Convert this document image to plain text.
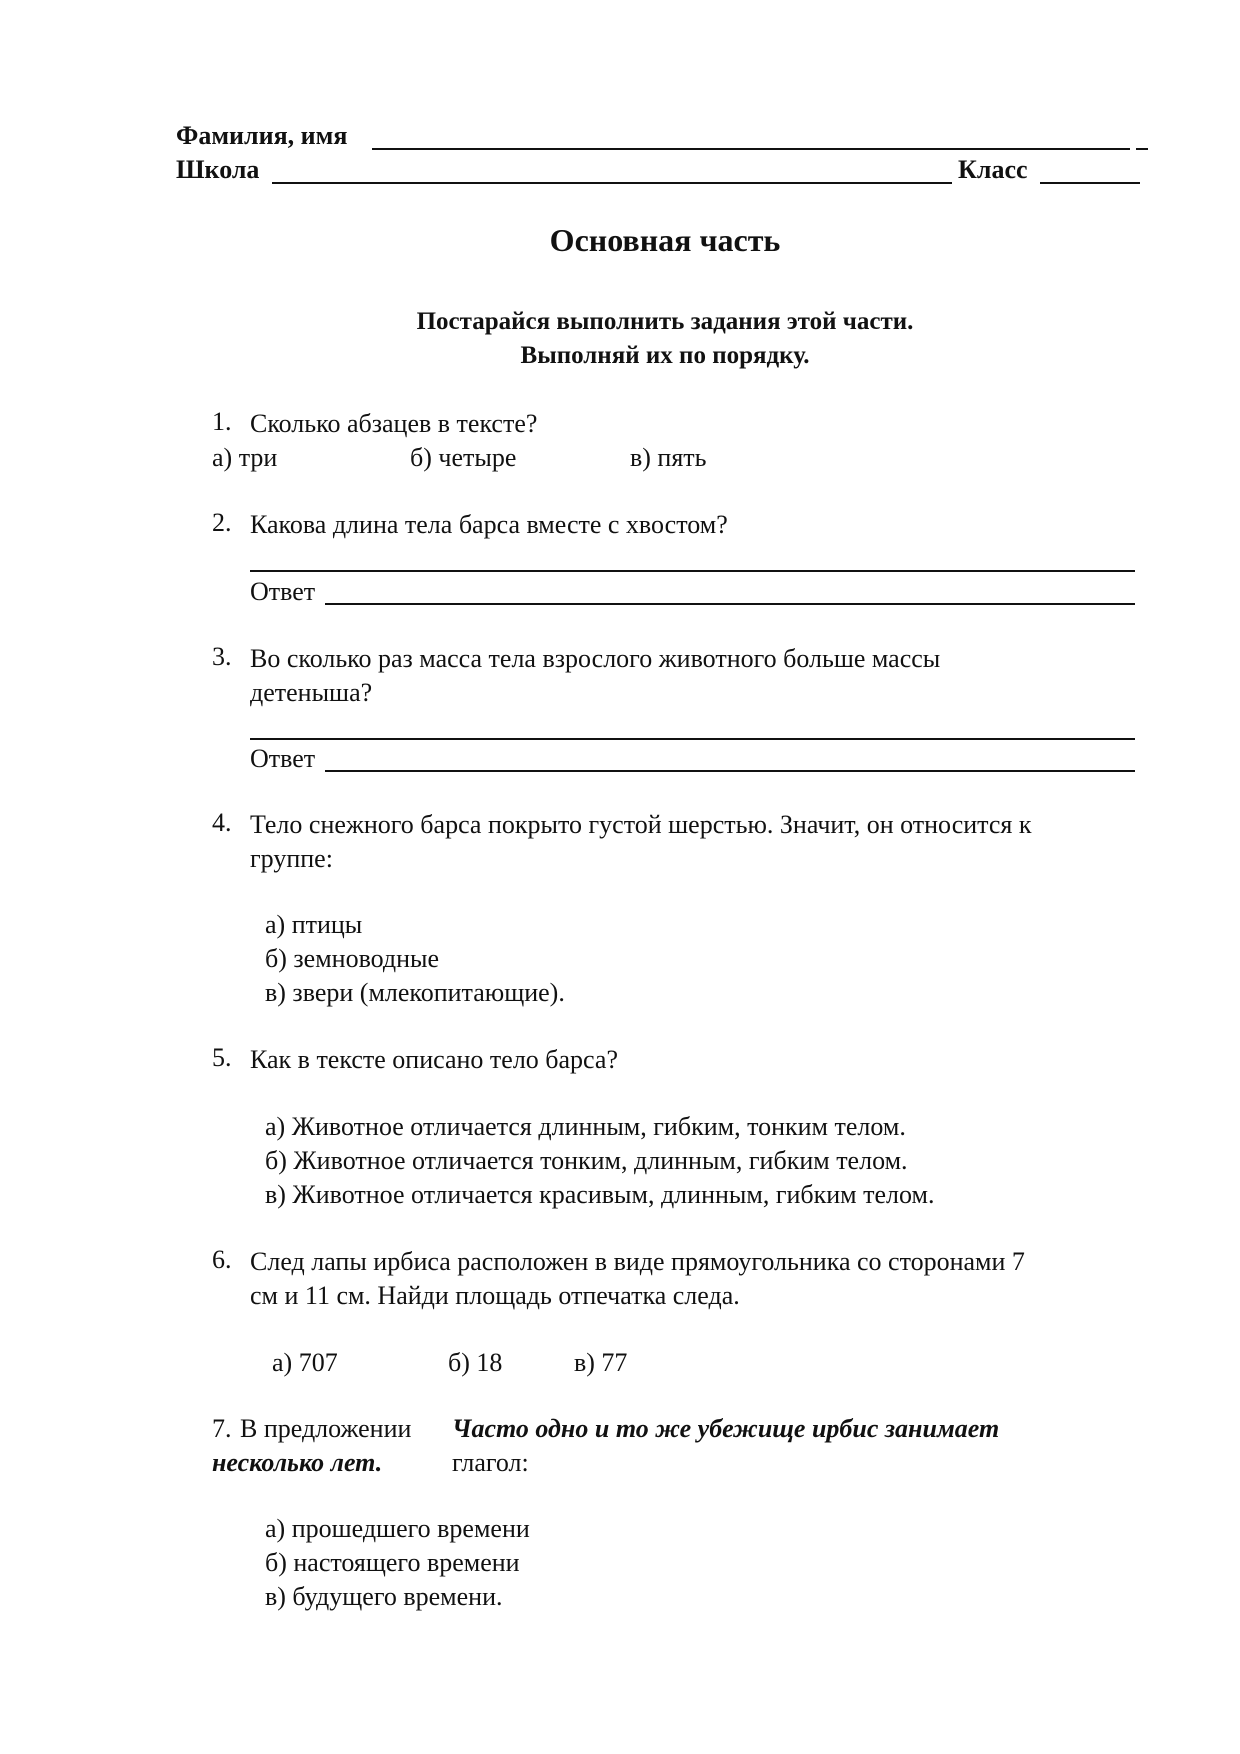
Фамилия, имя
Школа	Класс
Основная часть
Постарайся выполнить задания этой части.
Выполняй их по порядку.
1. Сколько абзацев в тексте?
а) три	б) четыре	в) пять
2. Какова длина тела барса вместе с хвостом?
Ответ
3. Во сколько раз масса тела взрослого животного больше массы
детеныша?
Ответ
4. Тело снежного барса покрыто густой шерстью. Значит, он относится к
группе:
а) птицы
б) земноводные
в) звери (млекопитающие).
5. Как в тексте описано тело барса?
а) Животное отличается длинным, гибким, тонким телом.
б) Животное отличается тонким, длинным, гибким телом.
в) Животное отличается красивым, длинным, гибким телом.
6. След лапы ирбиса расположен в виде прямоугольника со сторонами 7
см и 11 см. Найди площадь отпечатка следа.
а) 707	б) 18	в) 77
7. В предложении Часто одно и то же убежище ирбис занимает
несколько лет.	глагол:
а) прошедшего времени
б) настоящего времени
в) будущего времени.
